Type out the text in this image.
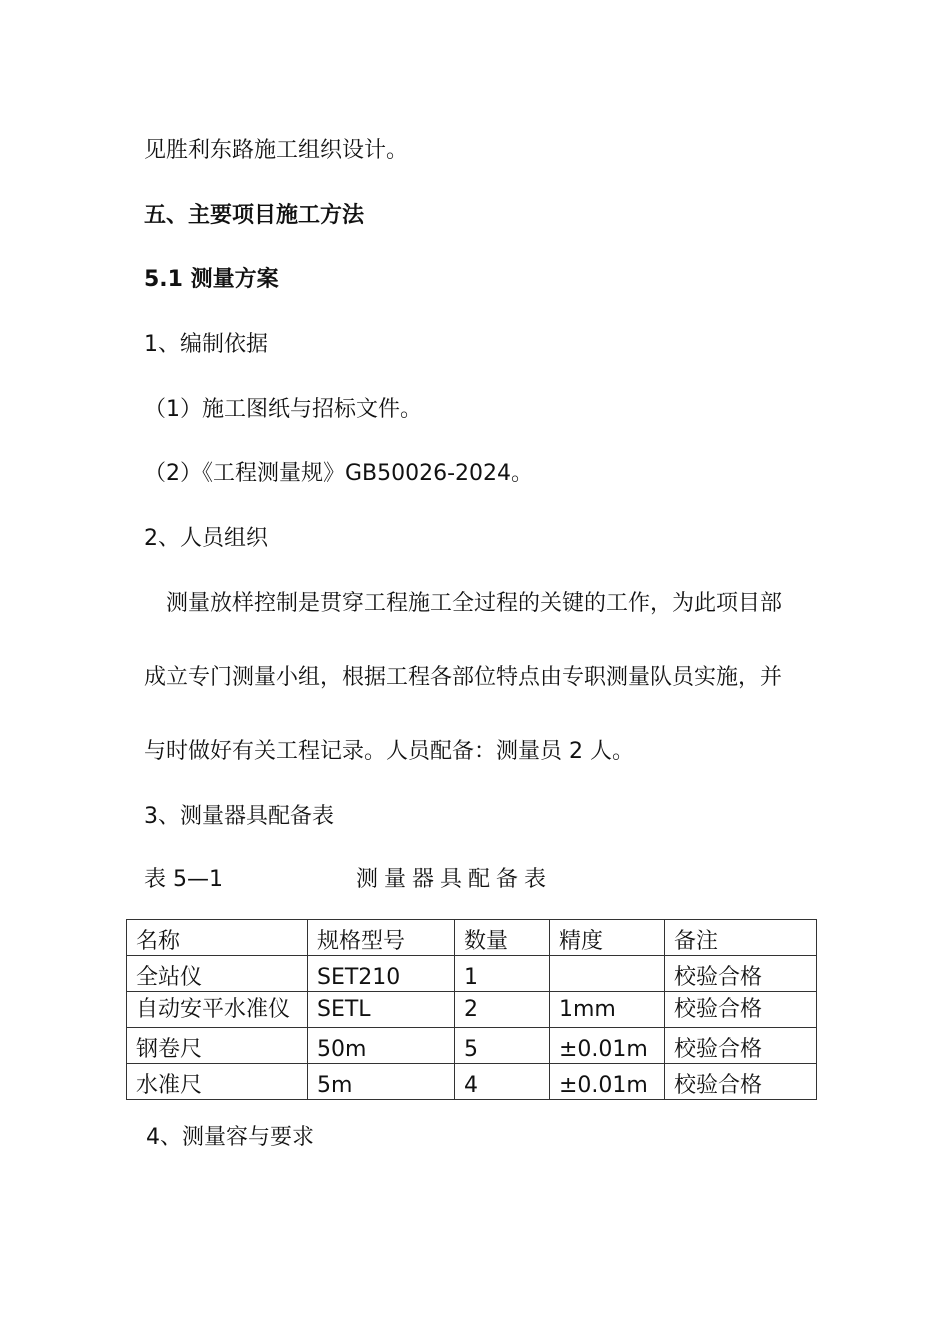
见胜利东路施工组织设计。
五、主要项目施工方法
5.1 测量方案
1、编制依据
（1）施工图纸与招标文件。
（2）《工程测量规》GB50026-2024。
2、人员组织
　测量放样控制是贯穿工程施工全过程的关键的工作，为此项目部
成立专门测量小组，根据工程各部位特点由专职测量队员实施，并
与时做好有关工程记录。人员配备：测量员 2 人。
3、测量器具配备表
表 5—1	测量器具配备表
名称	规格型号	数量	精度	备注
全站仪	SET210	1		校验合格
自动安平水准仪	SETL	2	1mm	校验合格
钢卷尺	50m	5	±0.01m	校验合格
水准尺	5m	4	±0.01m	校验合格
4、测量容与要求
